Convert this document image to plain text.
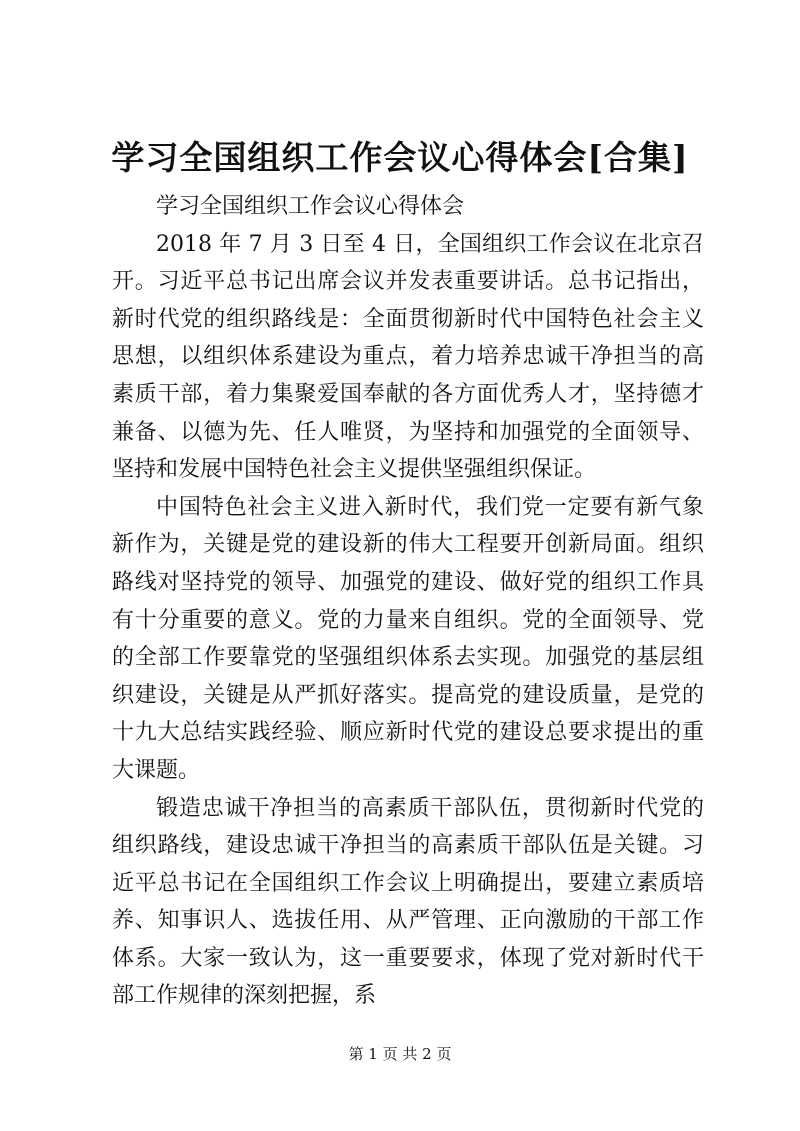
学习全国组织工作会议心得体会[合集]

学习全国组织工作会议心得体会

2018 年 7 月 3 日至 4 日，全国组织工作会议在北京召开。习近平总书记出席会议并发表重要讲话。总书记指出，新时代党的组织路线是：全面贯彻新时代中国特色社会主义思想，以组织体系建设为重点，着力培养忠诚干净担当的高素质干部，着力集聚爱国奉献的各方面优秀人才，坚持德才兼备、以德为先、任人唯贤，为坚持和加强党的全面领导、坚持和发展中国特色社会主义提供坚强组织保证。

中国特色社会主义进入新时代，我们党一定要有新气象新作为，关键是党的建设新的伟大工程要开创新局面。组织路线对坚持党的领导、加强党的建设、做好党的组织工作具有十分重要的意义。党的力量来自组织。党的全面领导、党的全部工作要靠党的坚强组织体系去实现。加强党的基层组织建设，关键是从严抓好落实。提高党的建设质量，是党的十九大总结实践经验、顺应新时代党的建设总要求提出的重大课题。

锻造忠诚干净担当的高素质干部队伍，贯彻新时代党的组织路线，建设忠诚干净担当的高素质干部队伍是关键。习近平总书记在全国组织工作会议上明确提出，要建立素质培养、知事识人、选拔任用、从严管理、正向激励的干部工作体系。大家一致认为，这一重要要求，体现了党对新时代干部工作规律的深刻把握，系

第 1 页 共 2 页
